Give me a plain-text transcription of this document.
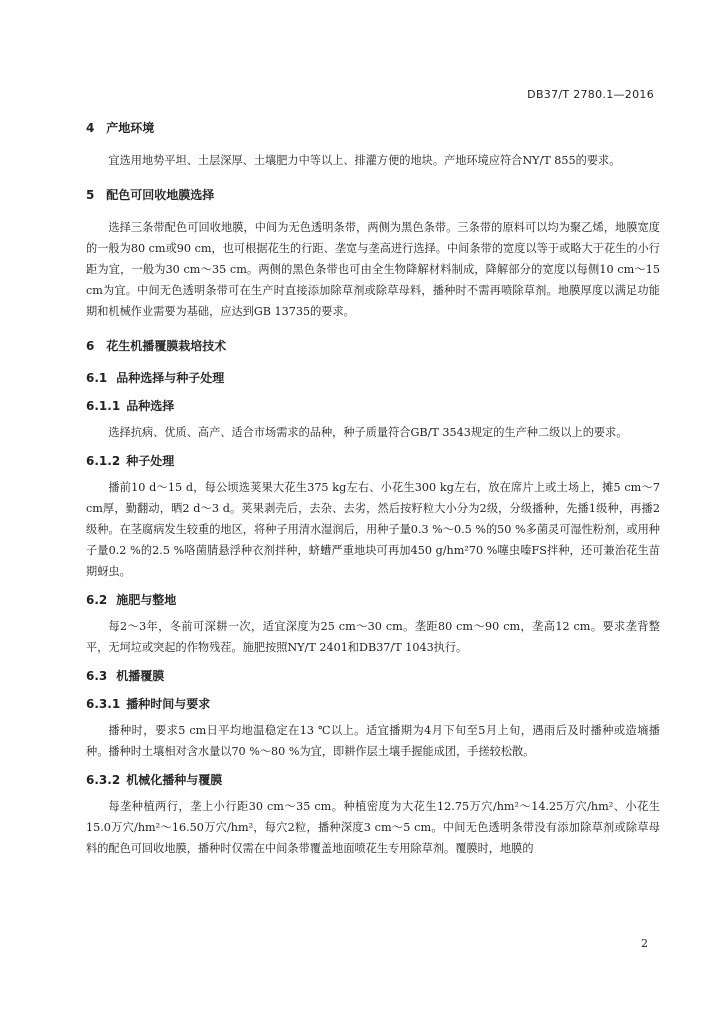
DB37/T 2780.1—2016
4 产地环境

宜选用地势平坦、土层深厚、土壤肥力中等以上、排灌方便的地块。产地环境应符合NY/T 855的要求。

5 配色可回收地膜选择

选择三条带配色可回收地膜，中间为无色透明条带，两侧为黑色条带。三条带的原料可以均为聚乙烯，地膜宽度的一般为80 cm或90 cm，也可根据花生的行距、垄宽与垄高进行选择。中间条带的宽度以等于或略大于花生的小行距为宜，一般为30 cm～35 cm。两侧的黑色条带也可由全生物降解材料制成，降解部分的宽度以每侧10 cm～15 cm为宜。中间无色透明条带可在生产时直接添加除草剂或除草母料，播种时不需再喷除草剂。地膜厚度以满足功能期和机械作业需要为基础，应达到GB 13735的要求。

6 花生机播覆膜栽培技术
6.1 品种选择与种子处理
6.1.1 品种选择

选择抗病、优质、高产、适合市场需求的品种，种子质量符合GB/T 3543规定的生产种二级以上的要求。

6.1.2 种子处理

播前10 d～15 d，每公顷选荚果大花生375 kg左右、小花生300 kg左右，放在席片上或土场上，摊5 cm～7 cm厚，勤翻动，晒2 d～3 d。荚果剥壳后，去杂、去劣，然后按籽粒大小分为2级，分级播种，先播1级种，再播2级种。在茎腐病发生较重的地区，将种子用清水湿润后，用种子量0.3 %～0.5 %的50 %多菌灵可湿性粉剂，或用种子量0.2 %的2.5 %咯菌腈悬浮种衣剂拌种，蛴螬严重地块可再加450 g/hm²70 %噻虫嗪FS拌种，还可兼治花生苗期蚜虫。

6.2 施肥与整地

每2～3年，冬前可深耕一次，适宜深度为25 cm～30 cm。垄距80 cm～90 cm，垄高12 cm。要求垄背整平，无坷垃或突起的作物残茬。施肥按照NY/T 2401和DB37/T 1043执行。

6.3 机播覆膜
6.3.1 播种时间与要求

播种时，要求5 cm日平均地温稳定在13 ℃以上。适宜播期为4月下旬至5月上旬，遇雨后及时播种或造墒播种。播种时土壤相对含水量以70 %～80 %为宜，即耕作层土壤手握能成团，手搓较松散。

6.3.2 机械化播种与覆膜

每垄种植两行，垄上小行距30 cm～35 cm。种植密度为大花生12.75万穴/hm²～14.25万穴/hm²、小花生15.0万穴/hm²～16.50万穴/hm²，每穴2粒，播种深度3 cm～5 cm。中间无色透明条带没有添加除草剂或除草母料的配色可回收地膜，播种时仅需在中间条带覆盖地面喷花生专用除草剂。覆膜时，地膜的

2
